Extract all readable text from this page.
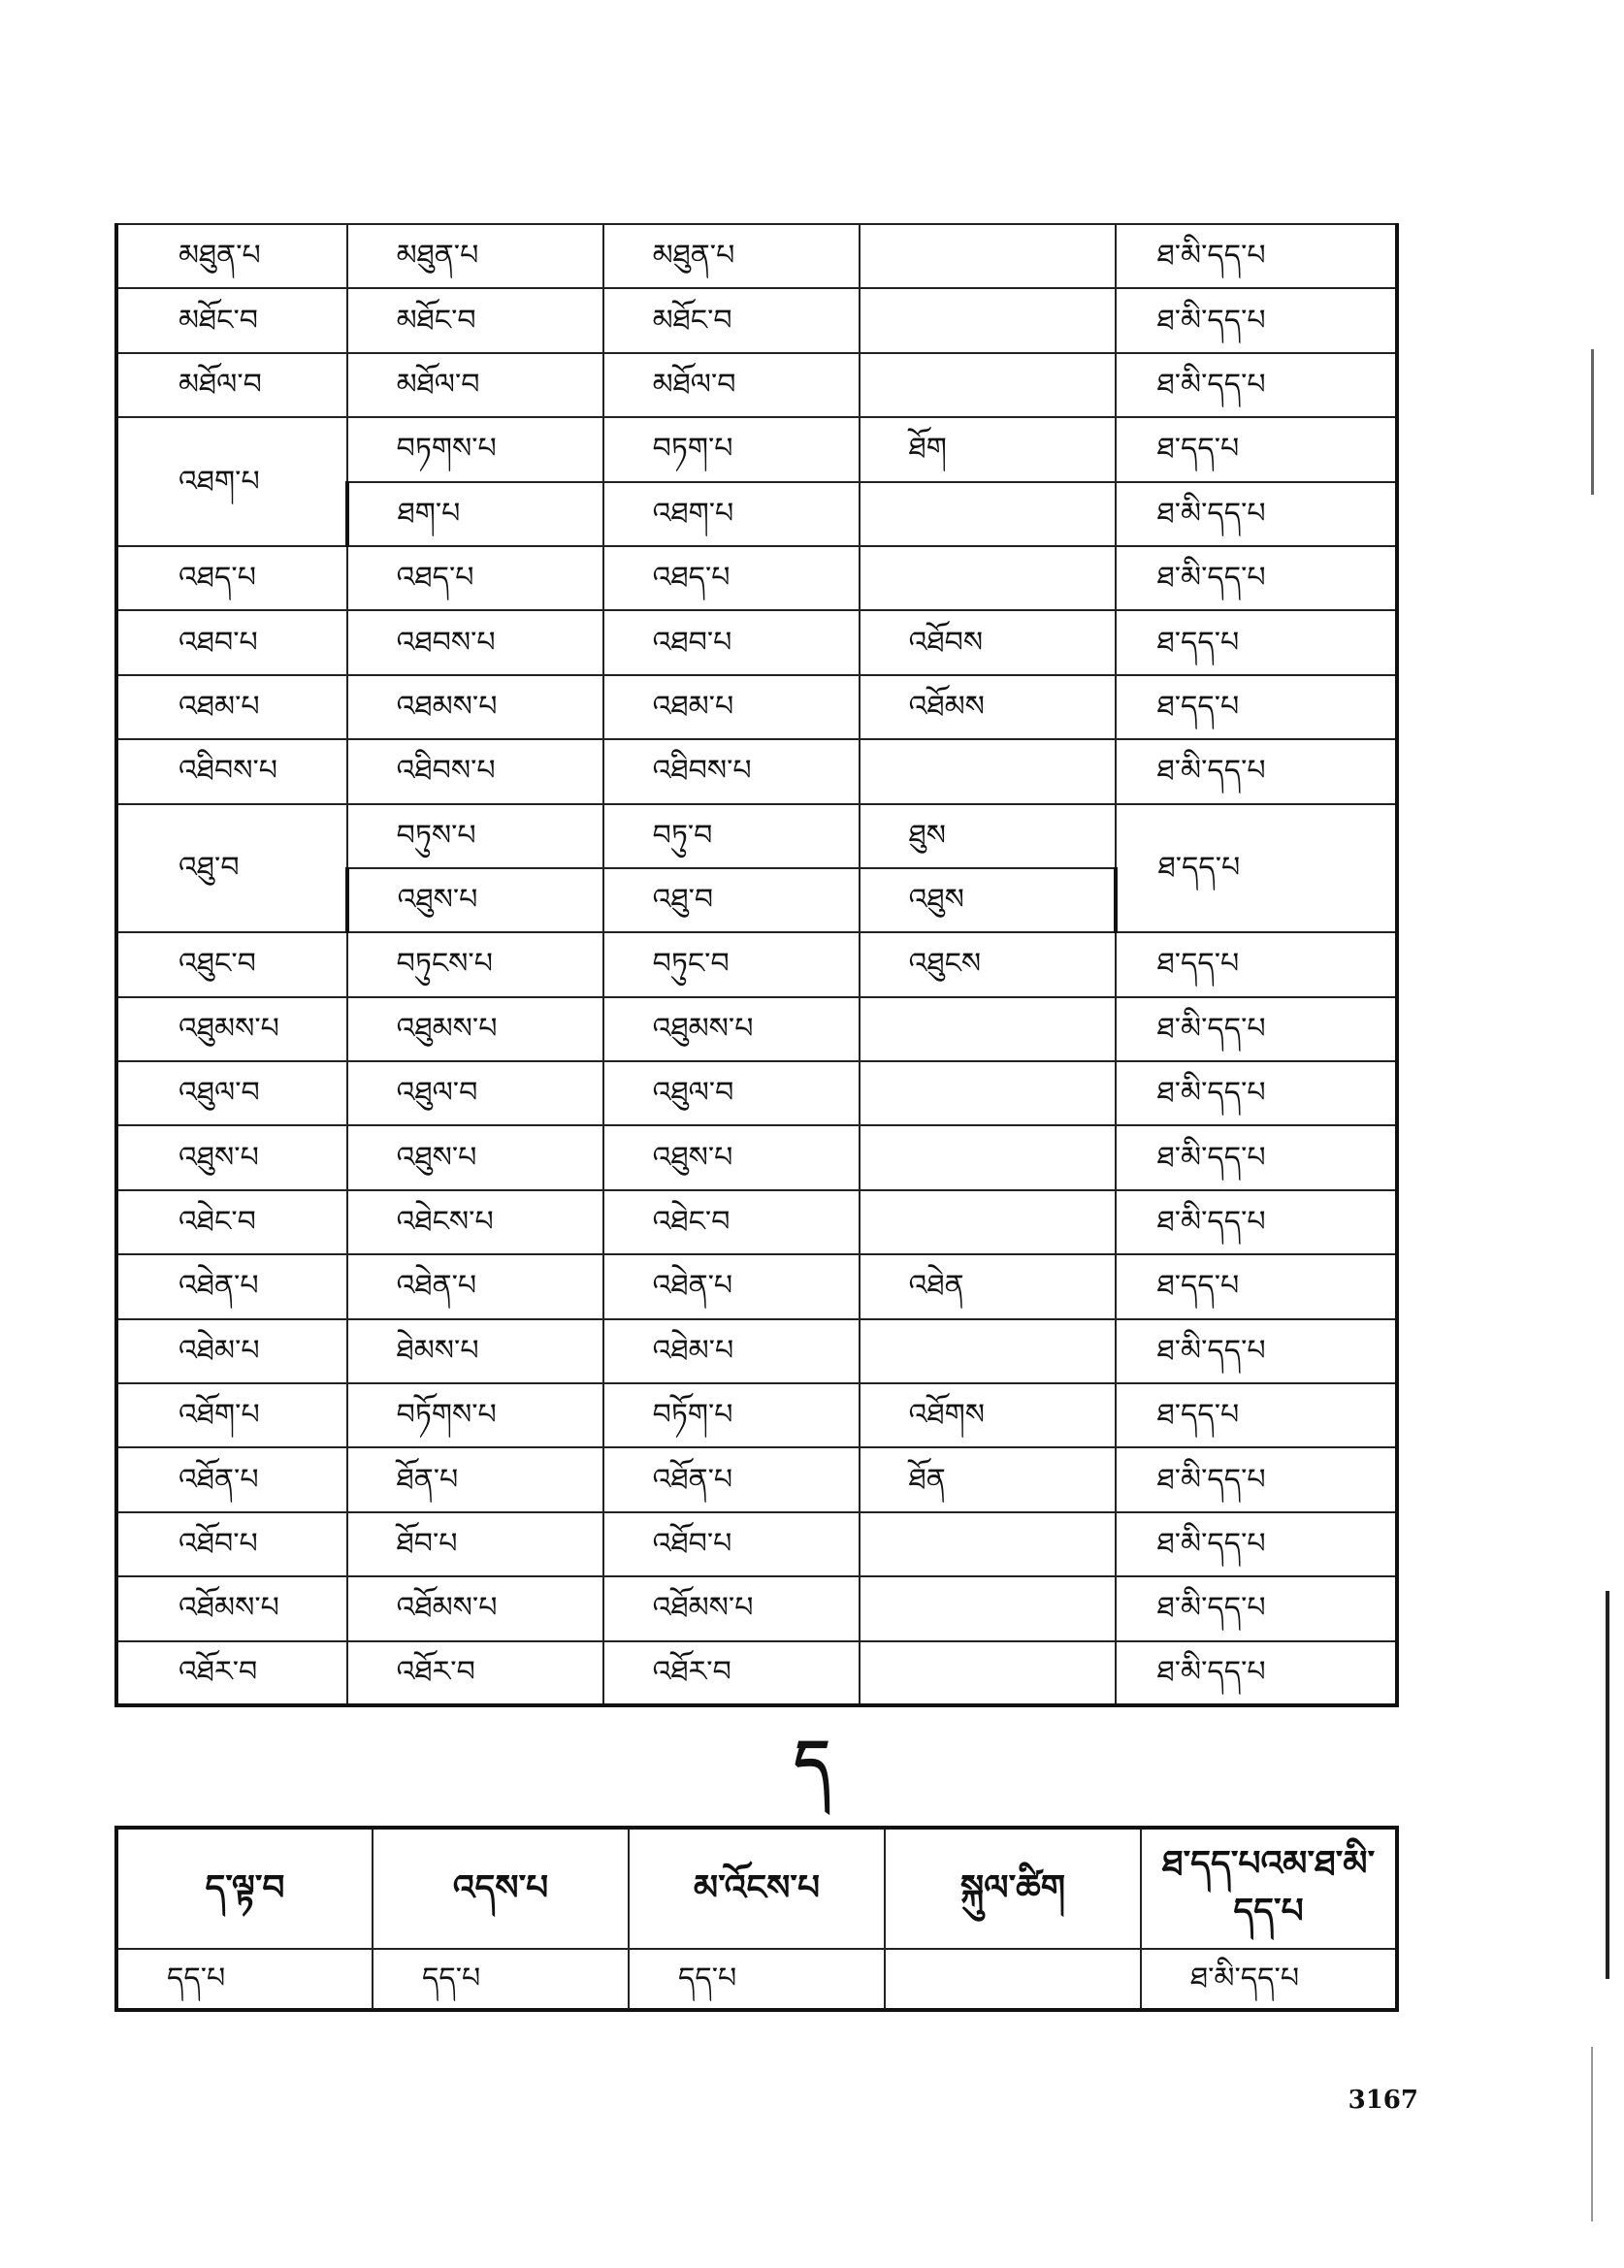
མཐུན་པ	མཐུན་པ	མཐུན་པ		ཐ་མི་དད་པ
མཐོང་བ	མཐོང་བ	མཐོང་བ		ཐ་མི་དད་པ
མཐོལ་བ	མཐོལ་བ	མཐོལ་བ		ཐ་མི་དད་པ
འཐག་པ	བཏགས་པ	བཏག་པ	ཐོག	ཐ་དད་པ
	ཐག་པ	འཐག་པ		ཐ་མི་དད་པ
འཐད་པ	འཐད་པ	འཐད་པ		ཐ་མི་དད་པ
འཐབ་པ	འཐབས་པ	འཐབ་པ	འཐོབས	ཐ་དད་པ
འཐམ་པ	འཐམས་པ	འཐམ་པ	འཐོམས	ཐ་དད་པ
འཐིབས་པ	འཐིབས་པ	འཐིབས་པ		ཐ་མི་དད་པ
འཐུ་བ	བཏུས་པ	བཏུ་བ	ཐུས	ཐ་དད་པ
	འཐུས་པ	འཐུ་བ	འཐུས	
འཐུང་བ	བཏུངས་པ	བཏུང་བ	འཐུངས	ཐ་དད་པ
འཐུམས་པ	འཐུམས་པ	འཐུམས་པ		ཐ་མི་དད་པ
འཐུལ་བ	འཐུལ་བ	འཐུལ་བ		ཐ་མི་དད་པ
འཐུས་པ	འཐུས་པ	འཐུས་པ		ཐ་མི་དད་པ
འཐེང་བ	འཐེངས་པ	འཐེང་བ		ཐ་མི་དད་པ
འཐེན་པ	འཐེན་པ	འཐེན་པ	འཐེན	ཐ་དད་པ
འཐེམ་པ	ཐེམས་པ	འཐེམ་པ		ཐ་མི་དད་པ
འཐོག་པ	བཏོགས་པ	བཏོག་པ	འཐོགས	ཐ་དད་པ
འཐོན་པ	ཐོན་པ	འཐོན་པ	ཐོན	ཐ་མི་དད་པ
འཐོབ་པ	ཐོབ་པ	འཐོབ་པ		ཐ་མི་དད་པ
འཐོམས་པ	འཐོམས་པ	འཐོམས་པ		ཐ་མི་དད་པ
འཐོར་བ	འཐོར་བ	འཐོར་བ		ཐ་མི་དད་པ
ད
ད་ལྟ་བ	འདས་པ	མ་འོངས་པ	སྐུལ་ཚིག	ཐ་དད་པའམ་ཐ་མི་དད་པ
དད་པ	དད་པ	དད་པ		ཐ་མི་དད་པ
3167
